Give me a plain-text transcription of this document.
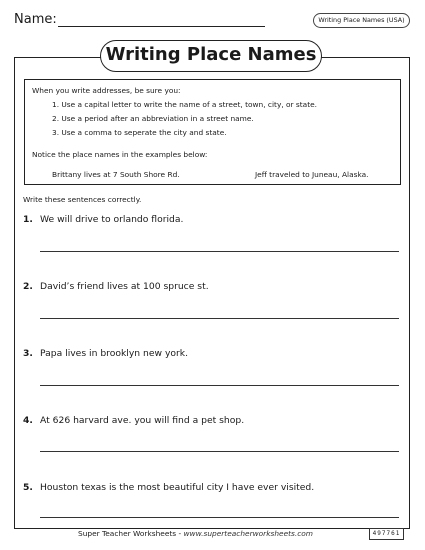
Name:	Writing Place Names (USA)
Writing Place Names
When you write addresses, be sure you:
1. Use a capital letter to write the name of a street, town, city, or state.
2. Use a period after an abbreviation in a street name.
3. Use a comma to seperate the city and state.
Notice the place names in the examples below:
Brittany lives at 7 South Shore Rd.	Jeff traveled to Juneau, Alaska.
Write these sentences correctly.
1. We will drive to orlando florida.
2. David’s friend lives at 100 spruce st.
3. Papa lives in brooklyn new york.
4. At 626 harvard ave. you will find a pet shop.
5. Houston texas is the most beautiful city I have ever visited.
Super Teacher Worksheets - www.superteacherworksheets.com	497761
